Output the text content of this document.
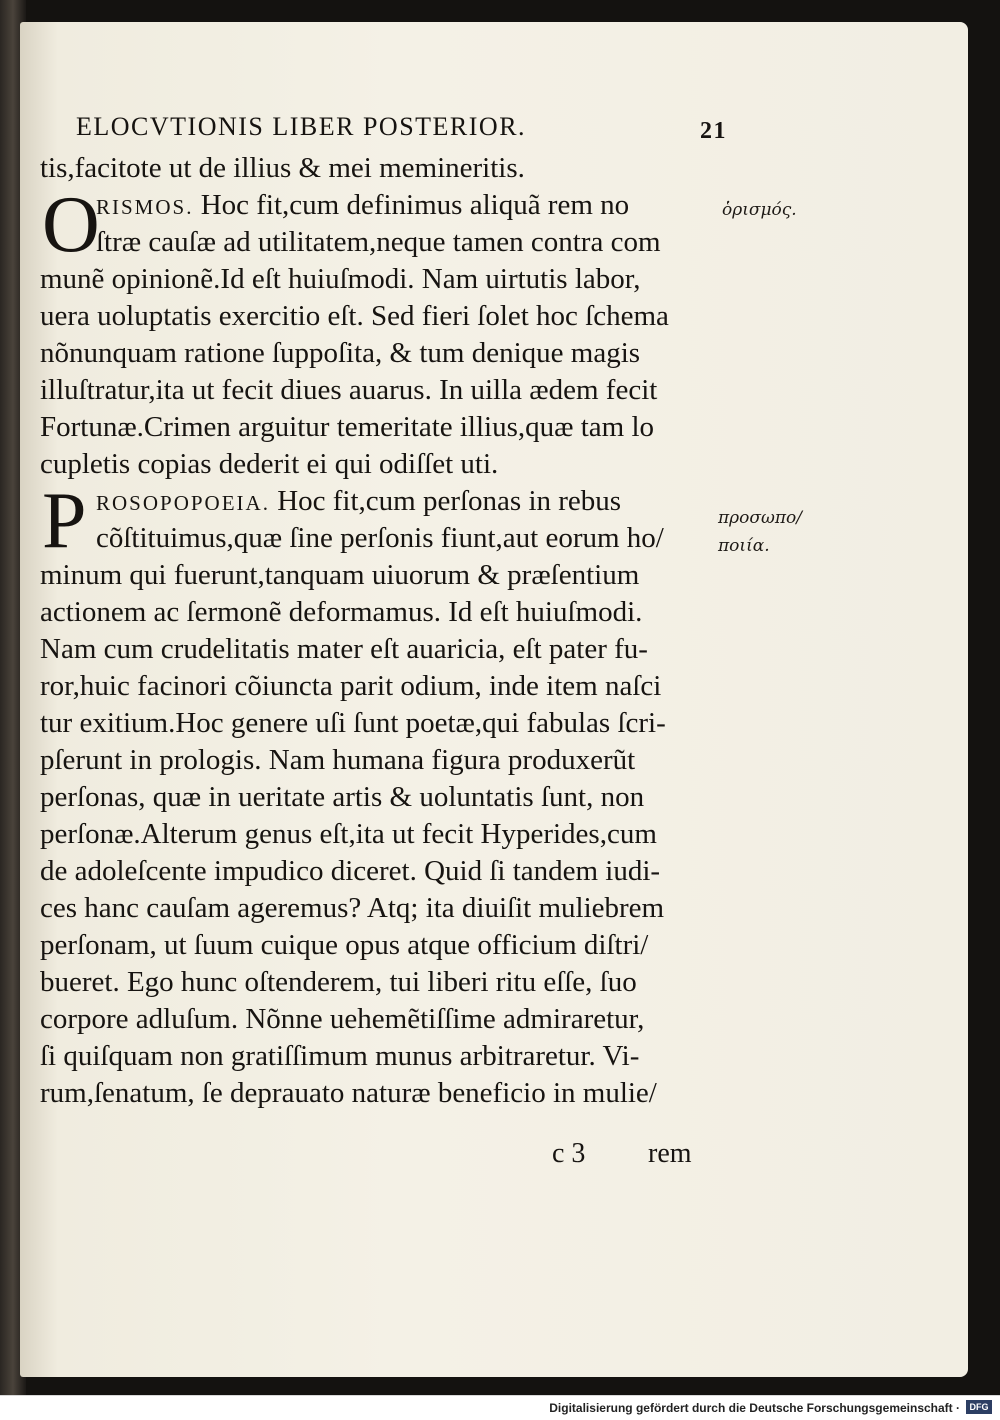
ELOCVTIONIS LIBER POSTERIOR.	21
tis,facitote ut de illius & mei memineritis.
O
RISMOS. Hoc fit,cum definimus aliquã rem no
ſtræ cauſæ ad utilitatem,neque tamen contra com
munẽ opinionẽ.Id eſt huiuſmodi. Nam uirtutis labor,
uera uoluptatis exercitio eſt. Sed fieri ſolet hoc ſchema
nõnunquam ratione ſuppoſita, & tum denique magis
illuſtratur,ita ut fecit diues auarus. In uilla ædem fecit
Fortunæ.Crimen arguitur temeritate illius,quæ tam lo
cupletis copias dederit ei qui odiſſet uti.
P ROSOPOPOEIA. Hoc fit,cum perſonas in rebus
cõſtituimus,quæ ſine perſonis fiunt,aut eorum ho/
minum qui fuerunt,tanquam uiuorum & præſentium
actionem ac ſermonẽ deformamus. Id eſt huiuſmodi.
Nam cum crudelitatis mater eſt auaricia, eſt pater fu-
ror,huic facinori cõiuncta parit odium, inde item naſci
tur exitium.Hoc genere uſi ſunt poetæ,qui fabulas ſcri-
pſerunt in prologis. Nam humana figura produxerũt
perſonas, quæ in ueritate artis & uoluntatis ſunt, non
perſonæ.Alterum genus eſt,ita ut fecit Hyperides,cum
de adoleſcente impudico diceret. Quid ſi tandem iudi-
ces hanc cauſam ageremus? Atq; ita diuiſit muliebrem
perſonam, ut ſuum cuique opus atque officium diſtri/
bueret. Ego hunc oſtenderem, tui liberi ritu eſſe, ſuo
corpore adluſum. Nõnne uehemẽtiſſime admiraretur,
ſi quiſquam non gratiſſimum munus arbitraretur. Vi-
rum,ſenatum, ſe deprauato naturæ beneficio in mulie/
ὁρισμός.
προσωπο/
ποιία.
c 3 rem
Digitalisierung gefördert durch die Deutsche Forschungsgemeinschaft ·	DFG
